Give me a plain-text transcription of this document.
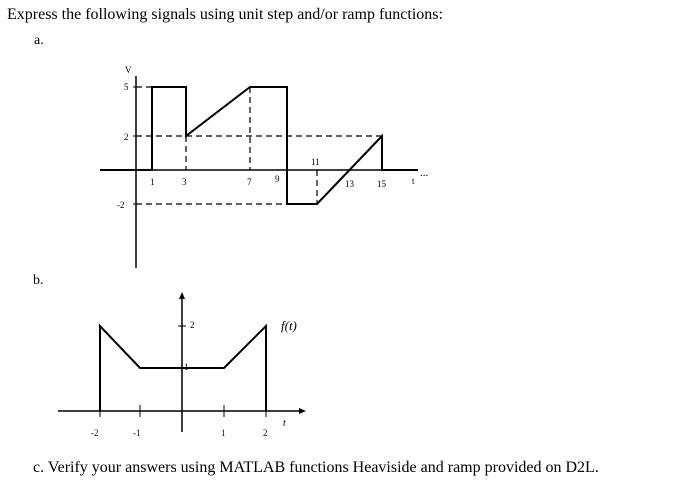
Express the following signals using unit step and/or ramp functions:
a.
b.
c. Verify your answers using MATLAB functions Heaviside and ramp provided on D2L.
V
5
2
-2
1	3	7	9
11
13	15	t
...
f(t)
2
1
-2	-1	1	2
t
